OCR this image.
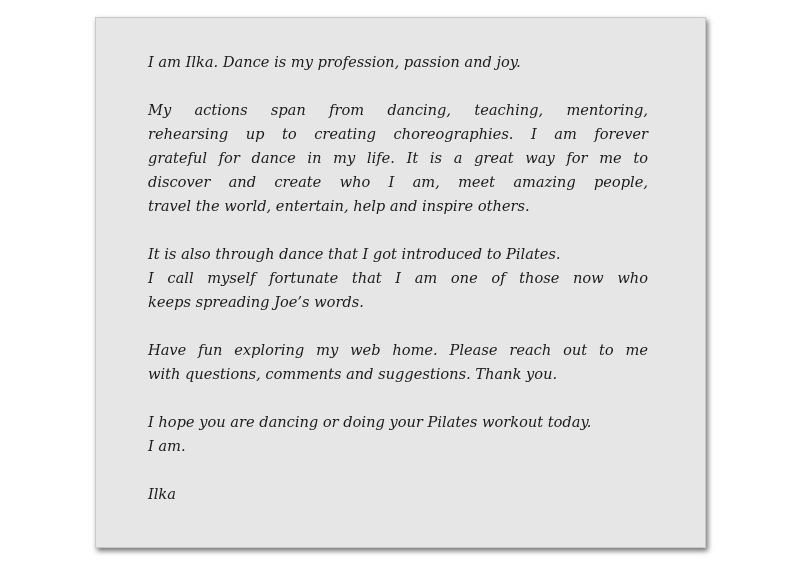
I am Ilka. Dance is my profession, passion and joy.

My actions span from dancing, teaching, mentoring,
rehearsing up to creating choreographies. I am forever
grateful for dance in my life. It is a great way for me to
discover and create who I am, meet amazing people,
travel the world, entertain, help and inspire others.

It is also through dance that I got introduced to Pilates.
I call myself fortunate that I am one of those now who
keeps spreading Joe’s words.

Have fun exploring my web home. Please reach out to me
with questions, comments and suggestions. Thank you.

I hope you are dancing or doing your Pilates workout today.
I am.

Ilka
